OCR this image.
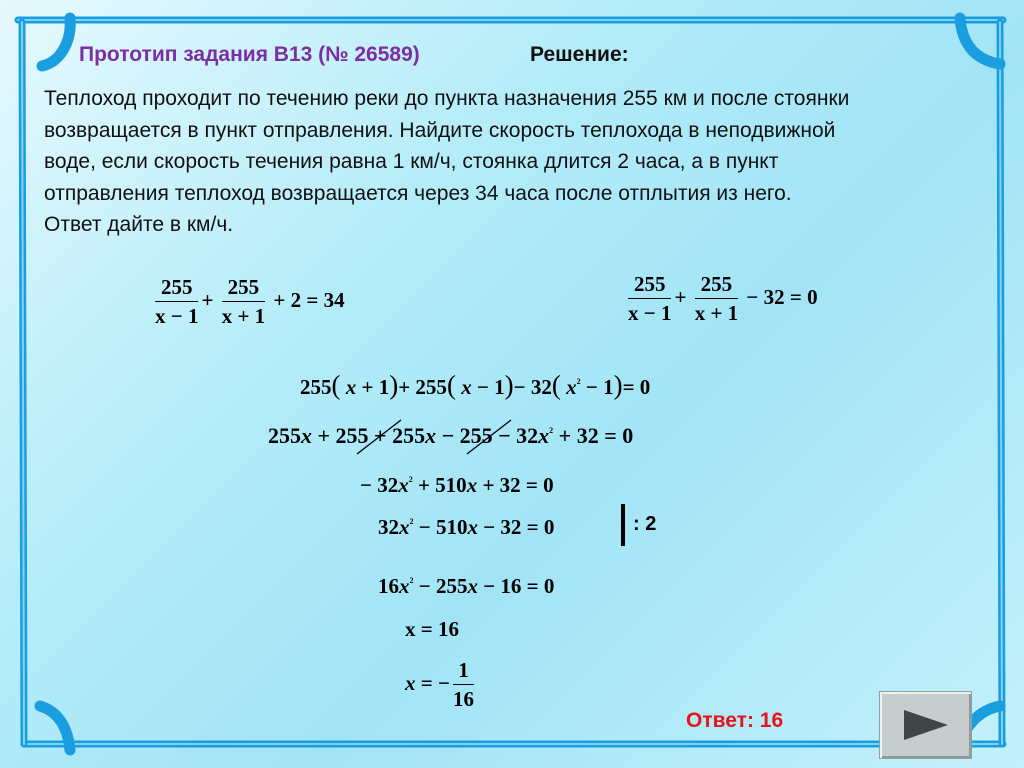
Прототип задания B13 (№ 26589)	Решение:
Теплоход проходит по течению реки до пункта назначения 255 км и после стоянки
возвращается в пункт отправления. Найдите скорость теплохода в неподвижной
воде, если скорость течения равна 1 км/ч, стоянка длится 2 часа, а в пункт
отправления теплоход возвращается через 34 часа после отплытия из него.
Ответ дайте в км/ч.
$\frac{255}{x - 1} + \frac{255}{x + 1} + 2 = 34$	$\frac{255}{x - 1} + \frac{255}{x + 1} - 32 = 0$
255( x + 1)+ 255( x − 1)− 32( $x^2 - 1)= 0$
$255x + 255 + 255x - 255 - 32x^2 + 32 = 0$
− $32x^2 + 510x + 32 = 0$
$32x^2 - 510x - 32 = 0$	: 2
$16x^2 - 255x - 16 = 0$
x = 16
x = − $\frac{1}{16}$
Ответ: 16
